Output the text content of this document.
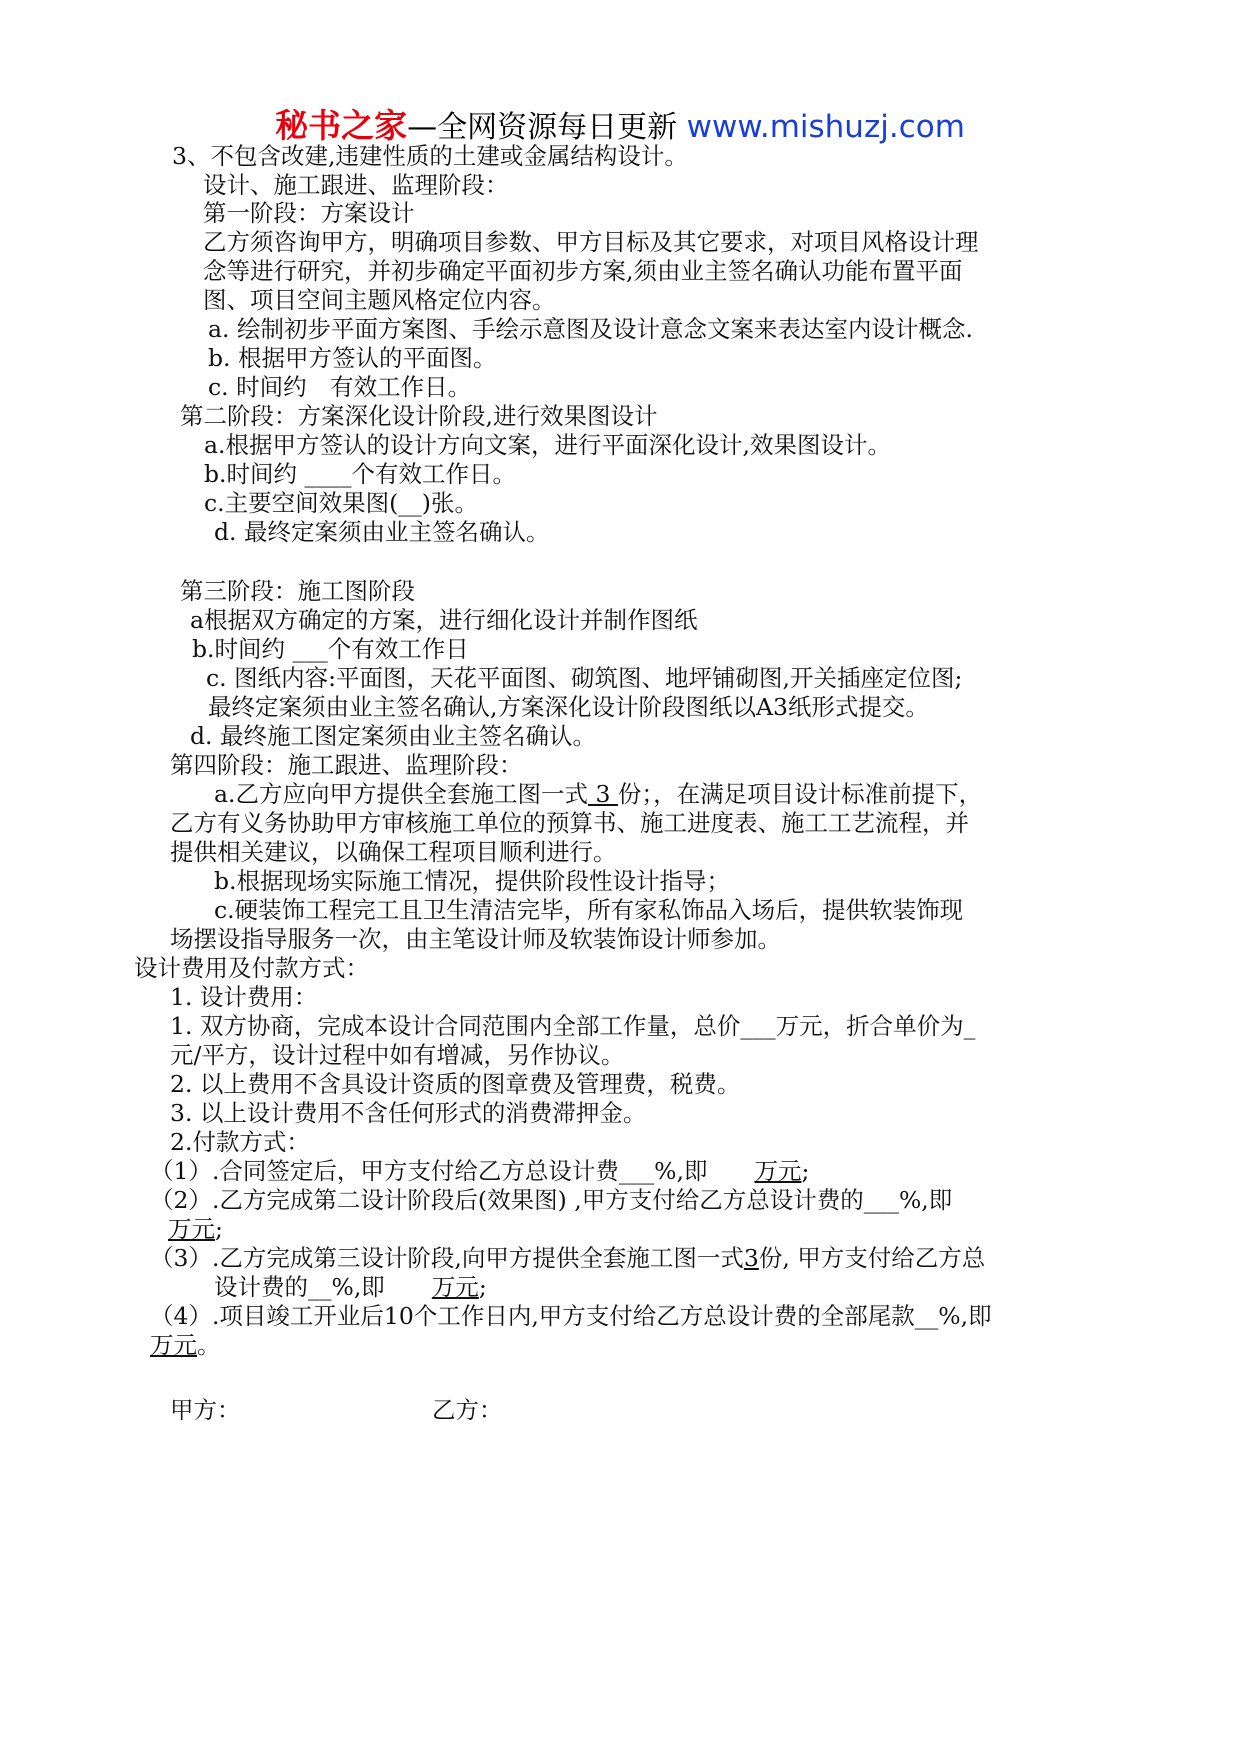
秘书之家—全网资源每日更新 www.mishuzj.com
3、不包含改建,违建性质的土建或金属结构设计。
设计、施工跟进、监理阶段：
第一阶段：方案设计
乙方须咨询甲方，明确项目参数、甲方目标及其它要求，对项目风格设计理
念等进行研究，并初步确定平面初步方案,须由业主签名确认功能布置平面
图、项目空间主题风格定位内容。
a. 绘制初步平面方案图、手绘示意图及设计意念文案来表达室内设计概念.
b. 根据甲方签认的平面图。
c. 时间约　有效工作日。
第二阶段：方案深化设计阶段,进行效果图设计
a.根据甲方签认的设计方向文案，进行平面深化设计,效果图设计。
b.时间约 ____个有效工作日。
c.主要空间效果图(__)张。
d. 最终定案须由业主签名确认。
第三阶段：施工图阶段
a根据双方确定的方案，进行细化设计并制作图纸
b.时间约 ___个有效工作日
c. 图纸内容:平面图，天花平面图、砌筑图、地坪铺砌图,开关插座定位图;
最终定案须由业主签名确认,方案深化设计阶段图纸以A3纸形式提交。
d. 最终施工图定案须由业主签名确认。
第四阶段：施工跟进、监理阶段：
a.乙方应向甲方提供全套施工图一式 3 份；，在满足项目设计标准前提下，
乙方有义务协助甲方审核施工单位的预算书、施工进度表、施工工艺流程，并
提供相关建议，以确保工程项目顺利进行。
b.根据现场实际施工情况，提供阶段性设计指导；
c.硬装饰工程完工且卫生清洁完毕，所有家私饰品入场后，提供软装饰现
场摆设指导服务一次，由主笔设计师及软装饰设计师参加。
设计费用及付款方式：
1. 设计费用：
1. 双方协商，完成本设计合同范围内全部工作量，总价___万元，折合单价为_
元/平方，设计过程中如有增减，另作协议。
2. 以上费用不含具设计资质的图章费及管理费，税费。
3. 以上设计费用不含任何形式的消费滞押金。
2.付款方式：
（1）.合同签定后，甲方支付给乙方总设计费___%,即　　万元;
（2）.乙方完成第二设计阶段后(效果图) ,甲方支付给乙方总设计费的___%,即
万元;
（3）.乙方完成第三设计阶段,向甲方提供全套施工图一式3份, 甲方支付给乙方总
设计费的__%,即　　万元;
（4）.项目竣工开业后10个工作日内,甲方支付给乙方总设计费的全部尾款__%,即
万元。
甲方：	乙方：
